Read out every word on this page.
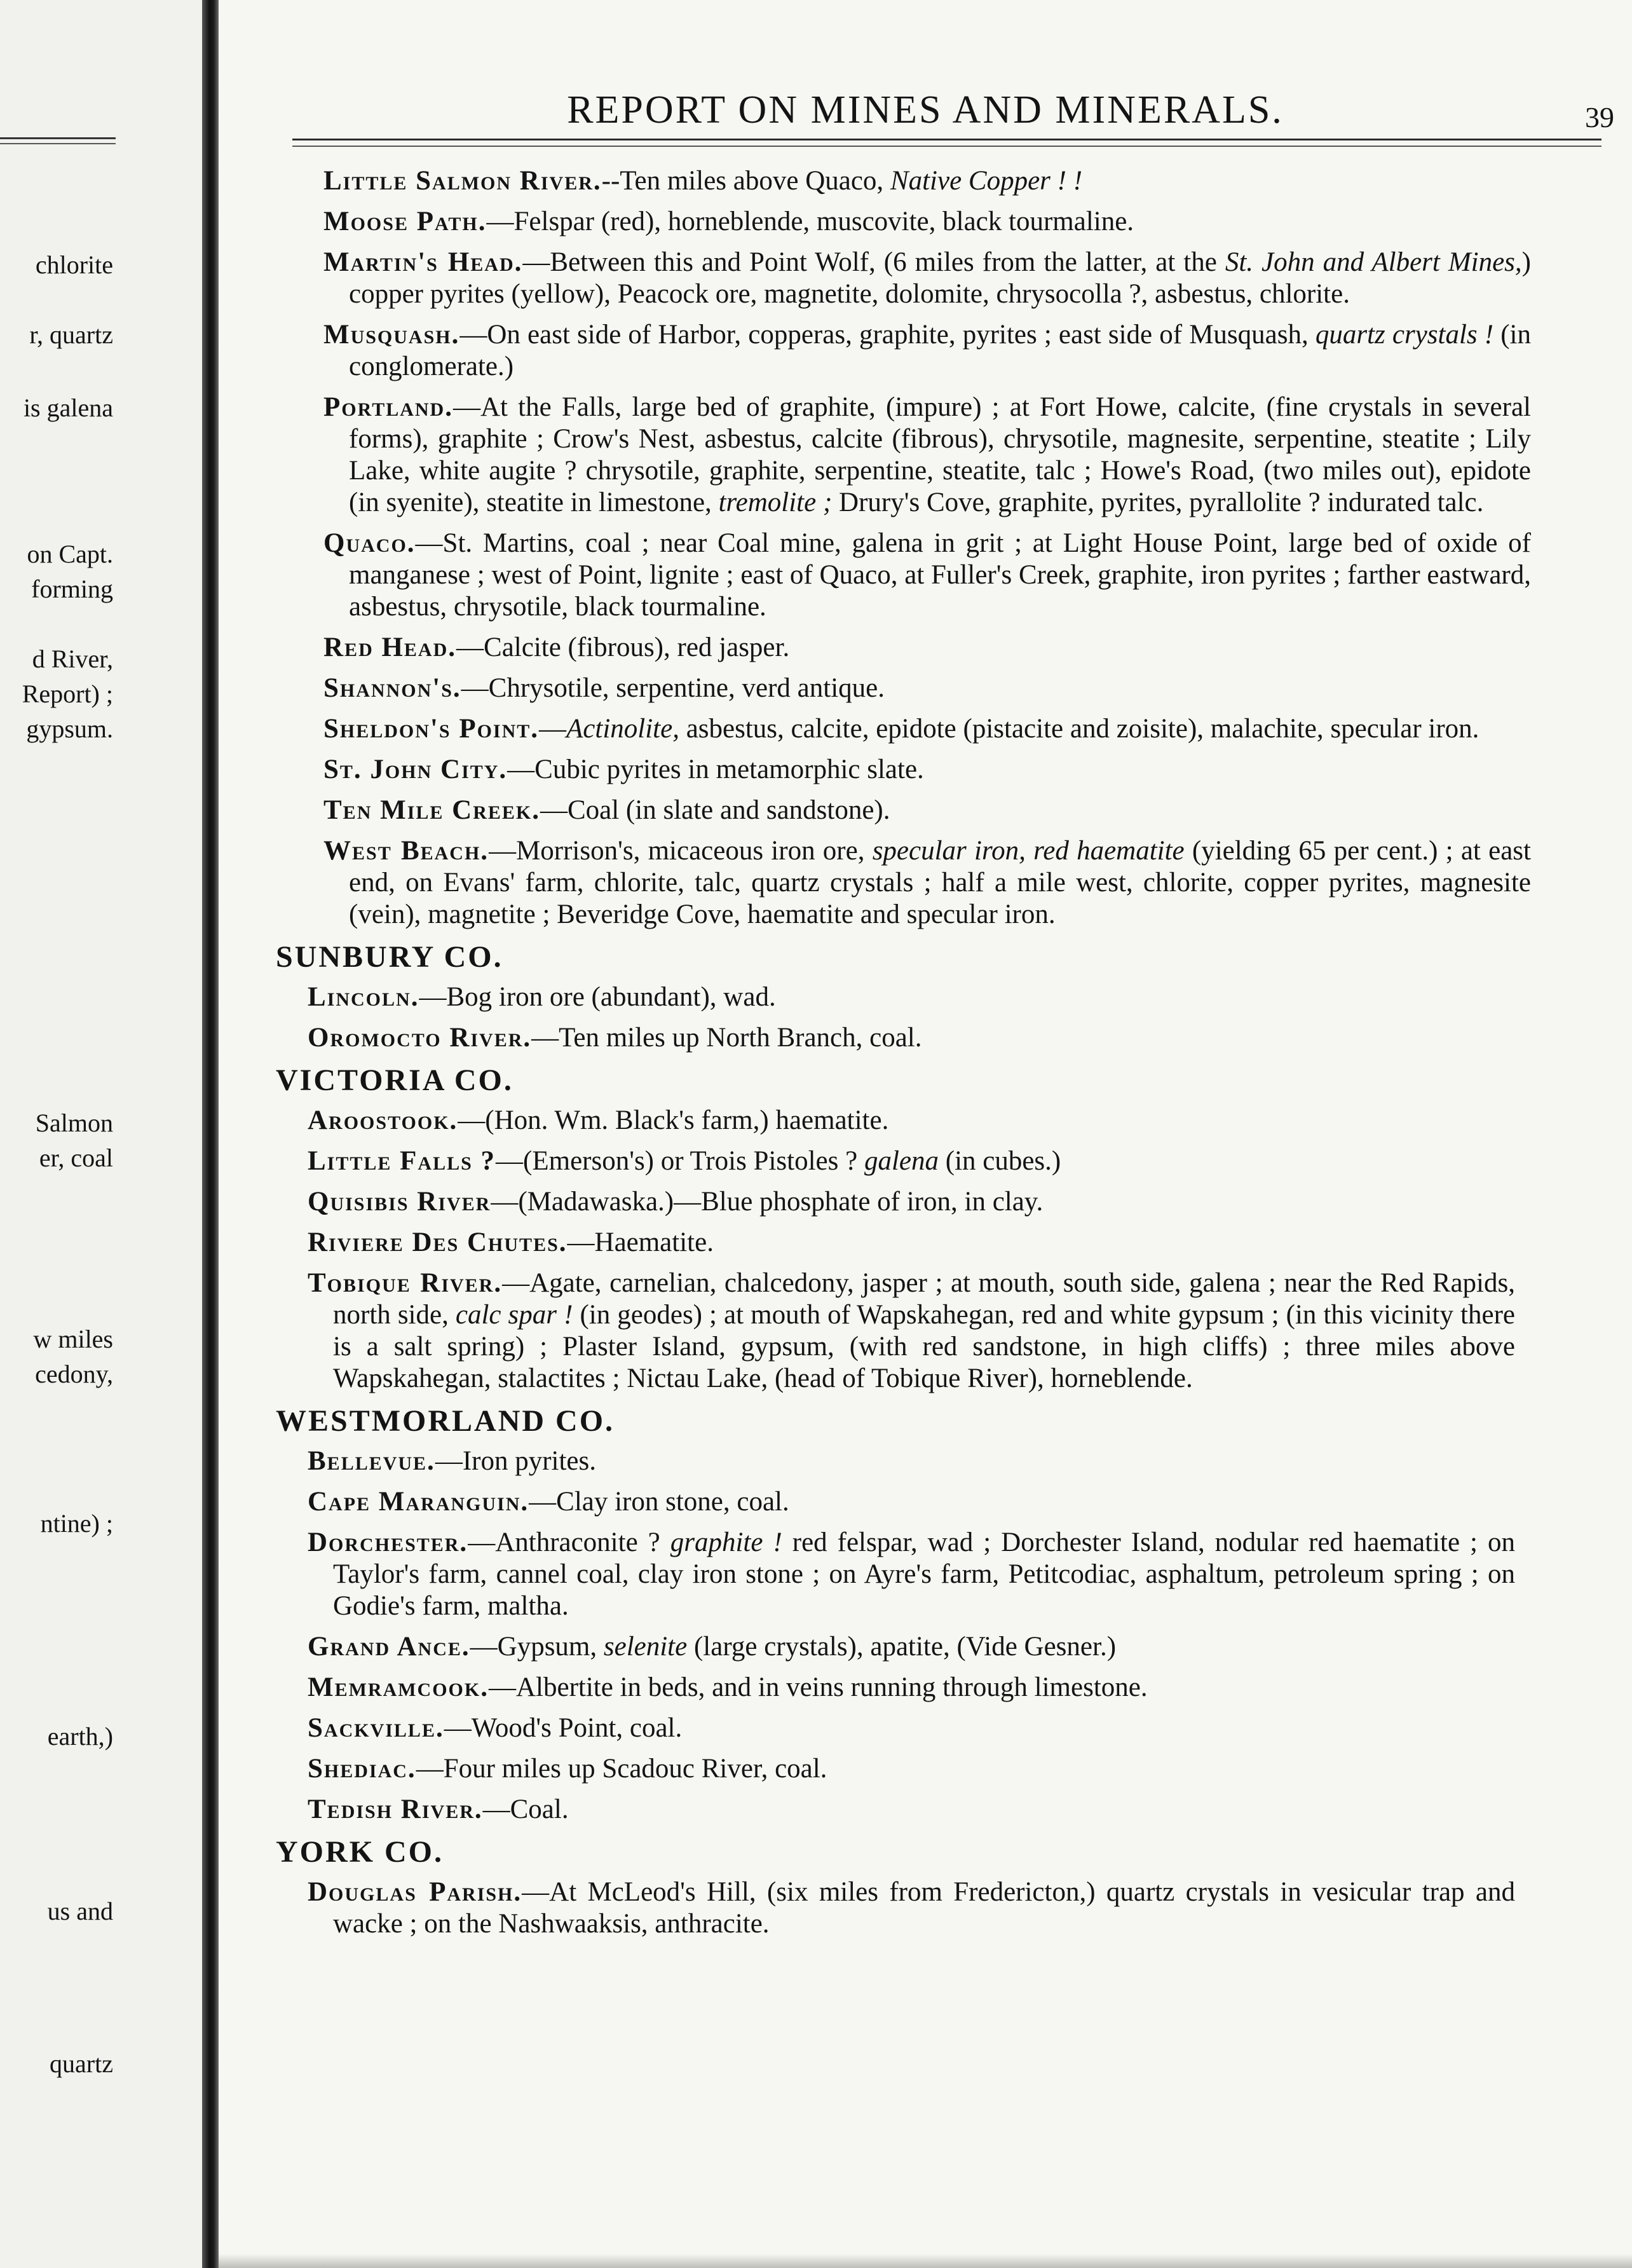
chlorite
r, quartz
is galena
on Capt.
forming
d River,
Report) ;
gypsum.
Salmon
er, coal
w miles
cedony,
ntine) ;
earth,)
us and
quartz
REPORT ON MINES AND MINERALS.	39
Little Salmon River.--Ten miles above Quaco, Native Copper ! !
Moose Path.—Felspar (red), horneblende, muscovite, black tourmaline.
Martin's Head.—Between this and Point Wolf, (6 miles from the latter, at the St. John and Albert Mines,) copper pyrites (yellow), Peacock ore, magnetite, dolomite, chrysocolla ?, asbestus, chlorite.
Musquash.—On east side of Harbor, copperas, graphite, pyrites ; east side of Musquash, quartz crystals ! (in conglomerate.)
Portland.—At the Falls, large bed of graphite, (impure) ; at Fort Howe, calcite, (fine crystals in several forms), graphite ; Crow's Nest, asbestus, calcite (fibrous), chrysotile, magnesite, serpentine, steatite ; Lily Lake, white augite ? chrysotile, graphite, serpentine, steatite, talc ; Howe's Road, (two miles out), epidote (in syenite), steatite in limestone, tremolite ; Drury's Cove, graphite, pyrites, pyrallolite ? indurated talc.
Quaco.—St. Martins, coal ; near Coal mine, galena in grit ; at Light House Point, large bed of oxide of manganese ; west of Point, lignite ; east of Quaco, at Fuller's Creek, graphite, iron pyrites ; farther eastward, asbestus, chrysotile, black tourmaline.
Red Head.—Calcite (fibrous), red jasper.
Shannon's.—Chrysotile, serpentine, verd antique.
Sheldon's Point.—Actinolite, asbestus, calcite, epidote (pistacite and zoisite), malachite, specular iron.
St. John City.—Cubic pyrites in metamorphic slate.
Ten Mile Creek.—Coal (in slate and sandstone).
West Beach.—Morrison's, micaceous iron ore, specular iron, red haematite (yielding 65 per cent.) ; at east end, on Evans' farm, chlorite, talc, quartz crystals ; half a mile west, chlorite, copper pyrites, magnesite (vein), magnetite ; Beveridge Cove, haematite and specular iron.
SUNBURY CO.
Lincoln.—Bog iron ore (abundant), wad.
Oromocto River.—Ten miles up North Branch, coal.
VICTORIA CO.
Aroostook.—(Hon. Wm. Black's farm,) haematite.
Little Falls ?—(Emerson's) or Trois Pistoles ? galena (in cubes.)
Quisibis River—(Madawaska.)—Blue phosphate of iron, in clay.
Riviere Des Chutes.—Haematite.
Tobique River.—Agate, carnelian, chalcedony, jasper ; at mouth, south side, galena ; near the Red Rapids, north side, calc spar ! (in geodes) ; at mouth of Wapskahegan, red and white gypsum ; (in this vicinity there is a salt spring) ; Plaster Island, gypsum, (with red sandstone, in high cliffs) ; three miles above Wapskahegan, stalactites ; Nictau Lake, (head of Tobique River), horneblende.
WESTMORLAND CO.
Bellevue.—Iron pyrites.
Cape Maranguin.—Clay iron stone, coal.
Dorchester.—Anthraconite ? graphite ! red felspar, wad ; Dorchester Island, nodular red haematite ; on Taylor's farm, cannel coal, clay iron stone ; on Ayre's farm, Petitcodiac, asphaltum, petroleum spring ; on Godie's farm, maltha.
Grand Ance.—Gypsum, selenite (large crystals), apatite, (Vide Gesner.)
Memramcook.—Albertite in beds, and in veins running through limestone.
Sackville.—Wood's Point, coal.
Shediac.—Four miles up Scadouc River, coal.
Tedish River.—Coal.
YORK CO.
Douglas Parish.—At McLeod's Hill, (six miles from Fredericton,) quartz crystals in vesicular trap and wacke ; on the Nashwaaksis, anthracite.
